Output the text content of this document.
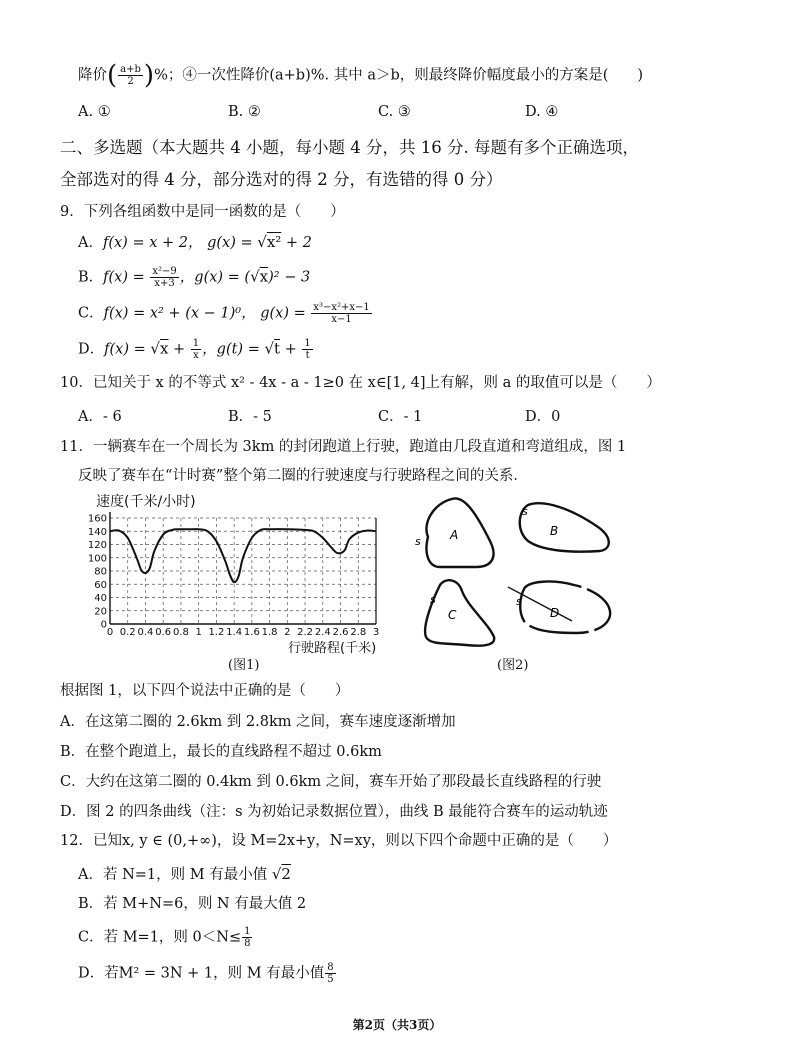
降价( $\frac{a+b}{2}$ )%；④一次性降价(a+b)%. 其中 a＞b，则最终降价幅度最小的方案是(　　)
A. ①	B. ②	C. ③	D. ④
二、多选题（本大题共 4 小题，每小题 4 分，共 16 分. 每题有多个正确选项，
全部选对的得 4 分，部分选对的得 2 分，有选错的得 0 分）
9．下列各组函数中是同一函数的是（　　）
A．f(x) = x + 2， g(x) = √x² + 2
B．$f(x) = \frac{\text{x²−9}}{x+3}$ ，g(x) = (√x)² − 3
C．f(x) = x² + (x − 1)⁰， $g(x) = \frac{\text{x³−x²+x−1}}{x-1}$
D．$f(x) = √x + \frac{1}{x}$ ，$g(t) = √t + \frac{1}{t}$
10．已知关于 x 的不等式 x² - 4x - a - 1≥0 在 x∈[1, 4]上有解，则 a 的取值可以是（　　）
A．- 6	B．- 5	C．- 1	D．0
11．一辆赛车在一个周长为 3km 的封闭跑道上行驶，跑道由几段直道和弯道组成，图 1
反映了赛车在“计时赛”整个第二圈的行驶速度与行驶路程之间的关系．
速度(千米/小时)
行驶路程(千米)
0 0.2 0.4 0.6 0.8 1 1.2 1.4 1.6 1.8 2 2.2 2.4 2.6 2.8 3
0
20
40
60
80
100
120
140
160
(图1)
A
s
B
s
C
s
D
s
(图2)
根据图 1，以下四个说法中正确的是（　　）
A．在这第二圈的 2.6km 到 2.8km 之间，赛车速度逐渐增加
B．在整个跑道上，最长的直线路程不超过 0.6km
C．大约在这第二圈的 0.4km 到 0.6km 之间，赛车开始了那段最长直线路程的行驶
D．图 2 的四条曲线（注：s 为初始记录数据位置），曲线 B 最能符合赛车的运动轨迹
12．已知x, y ∈ (0,+∞)，设 M=2x+y，N=xy，则以下四个命题中正确的是（　　）
A．若 N=1，则 M 有最小值 √2
B．若 M+N=6，则 N 有最大值 2
C．若 M=1，则 $0<N\le \frac{1}{8}$
D．若M² = 3N + 1，则 M 有最小值 $\frac{8}{5}$
第2页（共3页）
